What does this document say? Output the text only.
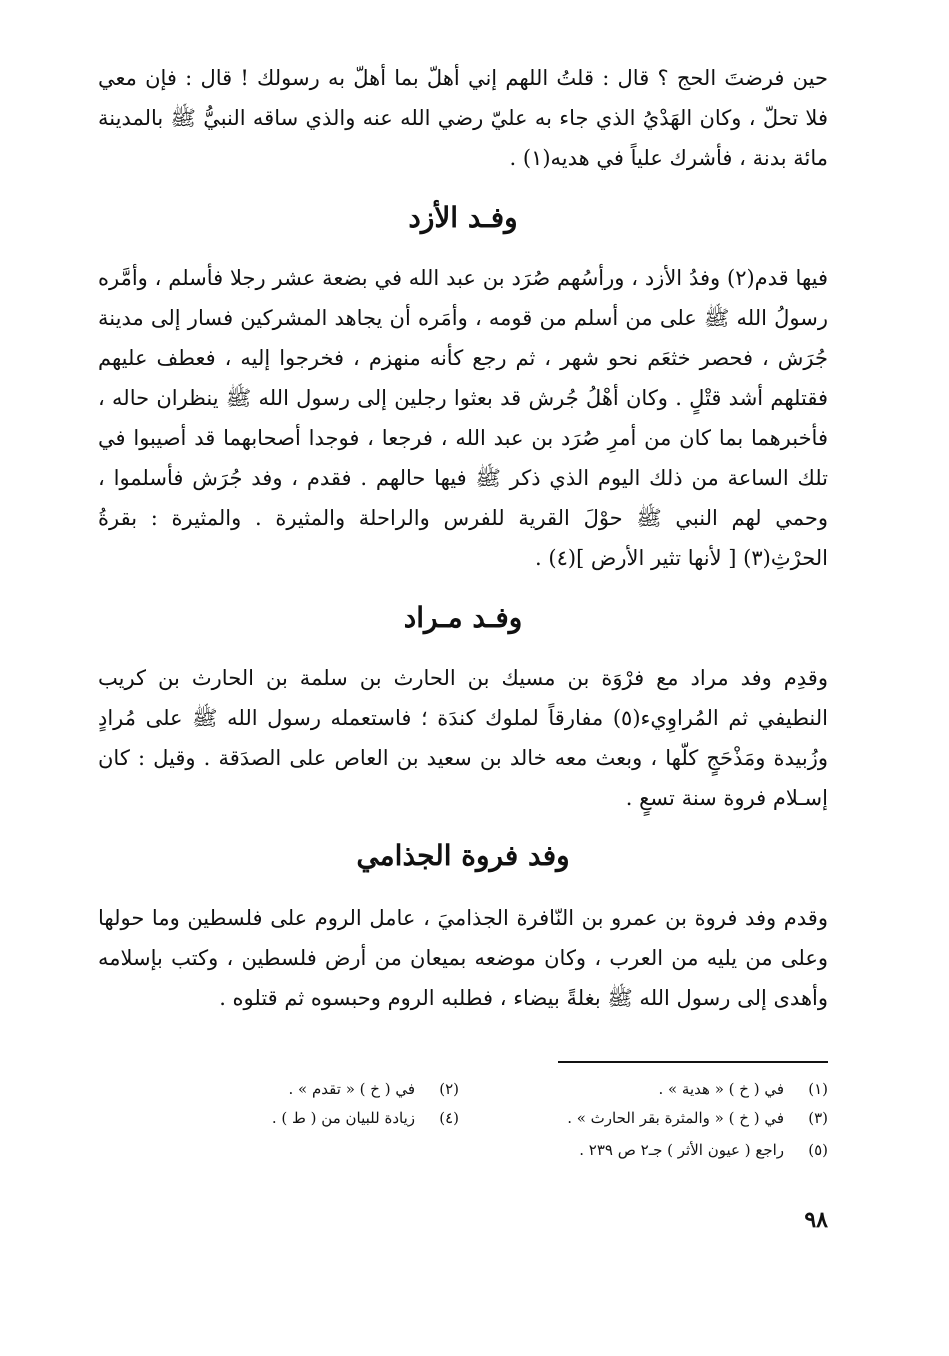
حين فرضتَ الحج ؟ قال : قلتُ اللهم إني أهلّ بما أهلّ به رسولك ! قال : فإن معي فلا تحلّ ، وكان الهَدْيُ الذي جاء به عليّ رضي الله عنه والذي ساقه النبيُّ ﷺ بالمدينة مائة بدنة ، فأشرك علياً في هديه(١) .

وفـد الأزد

فيها قدم(٢) وفدُ الأزد ، ورأسُهم صُرَد بن عبد الله في بضعة عشر رجلا فأسلم ، وأمَّره رسولُ الله ﷺ على من أسلم من قومه ، وأمَره أن يجاهد المشركين فسار إلى مدينة جُرَش ، فحصر خثعَم نحو شهر ، ثم رجع كأنه منهزم ، فخرجوا إليه ، فعطف عليهم فقتلهم أشد قتْلٍ . وكان أهْلُ جُرش قد بعثوا رجلين إلى رسول الله ﷺ ينظران حاله ، فأخبرهما بما كان من أمرِ صُرَد بن عبد الله ، فرجعا ، فوجدا أصحابهما قد أصيبوا في تلك الساعة من ذلك اليوم الذي ذكر ﷺ فيها حالهم . فقدم ، وفد جُرَش فأسلموا ، وحمي لهم النبي ﷺ حوْلَ القرية للفرس والراحلة والمثيرة . والمثيرة : بقرةُ الحرْثِ(٣) [ لأنها تثير الأرض ](٤) .

وفـد مـراد

وقدِم وفد مراد مع فرْوَة بن مسيك بن الحارث بن سلمة بن الحارث بن كريب النطيفي ثم المُراوِيء(٥) مفارقاً لملوك كندَة ؛ فاستعمله رسول الله ﷺ على مُرادٍ وزُبيدة ومَذْحَجٍ كلّها ، وبعث معه خالد بن سعيد بن العاص على الصدَقة . وقيل : كان إسـلام فروة سنة تسعٍ .

وفد فروة الجذامي

وقدم وفد فروة بن عمرو بن النّافرة الجذاميَ ، عامل الروم على فلسطين وما حولها وعلى من يليه من العرب ، وكان موضعه بميعان من أرض فلسطين ، وكتب بإسلامه وأهدى إلى رسول الله ﷺ بغلةً بيضاء ، فطلبه الروم وحبسوه ثم قتلوه .

(١)في ( خ ) « هدية » .
(٢)في ( خ ) « تقدم » .
(٣)في ( خ ) « والمثرة بقر الحارث » .
(٤)زيادة للبيان من ( ط ) .
(٥)راجع ( عيون الأثر ) جـ٢ ص ٢٣٩ .
٩٨
